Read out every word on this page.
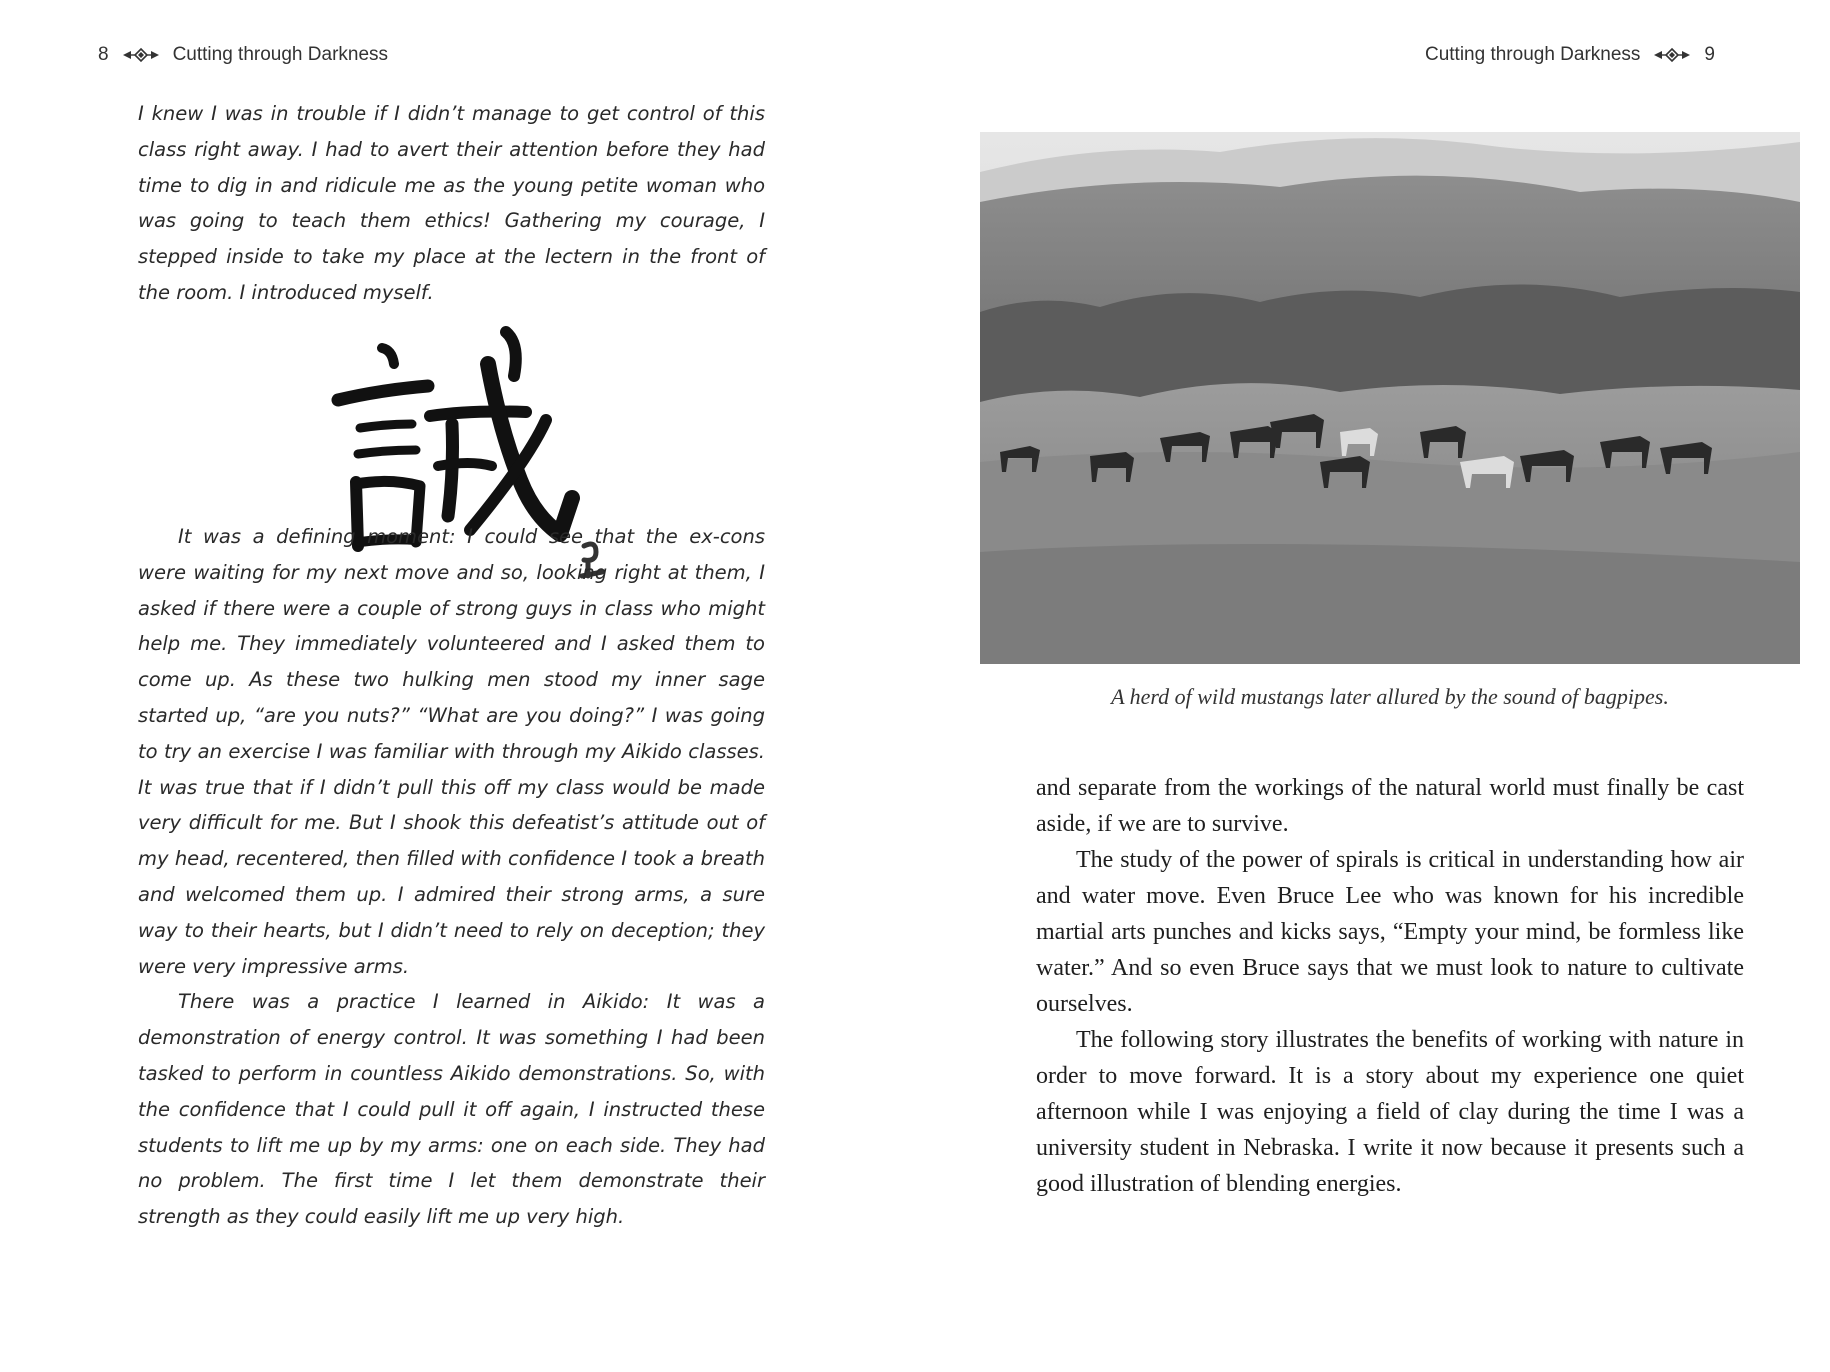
8	Cutting through Darkness

I knew I was in trouble if I didn’t manage to get control of this class right away. I had to avert their attention before they had time to dig in and ridicule me as the young petite woman who was going to teach them ethics! Gathering my courage, I stepped inside to take my place at the lectern in the front of the room. I introduced myself.

It was a defining moment: I could see that the ex-cons were waiting for my next move and so, looking right at them, I asked if there were a couple of strong guys in class who might help me. They immediately volunteered and I asked them to come up. As these two hulking men stood my inner sage started up, “are you nuts?” “What are you doing?” I was going to try an exercise I was familiar with through my Aikido classes. It was true that if I didn’t pull this off my class would be made very difficult for me. But I shook this defeatist’s attitude out of my head, recentered, then filled with confidence I took a breath and welcomed them up. I admired their strong arms, a sure way to their hearts, but I didn’t need to rely on deception; they were very impressive arms.

There was a practice I learned in Aikido: It was a demonstration of energy control. It was something I had been tasked to perform in countless Aikido demonstrations. So, with the confidence that I could pull it off again, I instructed these students to lift me up by my arms: one on each side. They had no problem. The first time I let them demonstrate their strength as they could easily lift me up very high.

Cutting through Darkness	9
A herd of wild mustangs later allured by the sound of bagpipes.

and separate from the workings of the natural world must finally be cast aside, if we are to survive.

The study of the power of spirals is critical in understanding how air and water move. Even Bruce Lee who was known for his incredible martial arts punches and kicks says, “Empty your mind, be formless like water.” And so even Bruce says that we must look to nature to cultivate ourselves.

The following story illustrates the benefits of working with nature in order to move forward. It is a story about my experience one quiet afternoon while I was enjoying a field of clay during the time I was a university student in Nebraska. I write it now because it presents such a good illustration of blending energies.
